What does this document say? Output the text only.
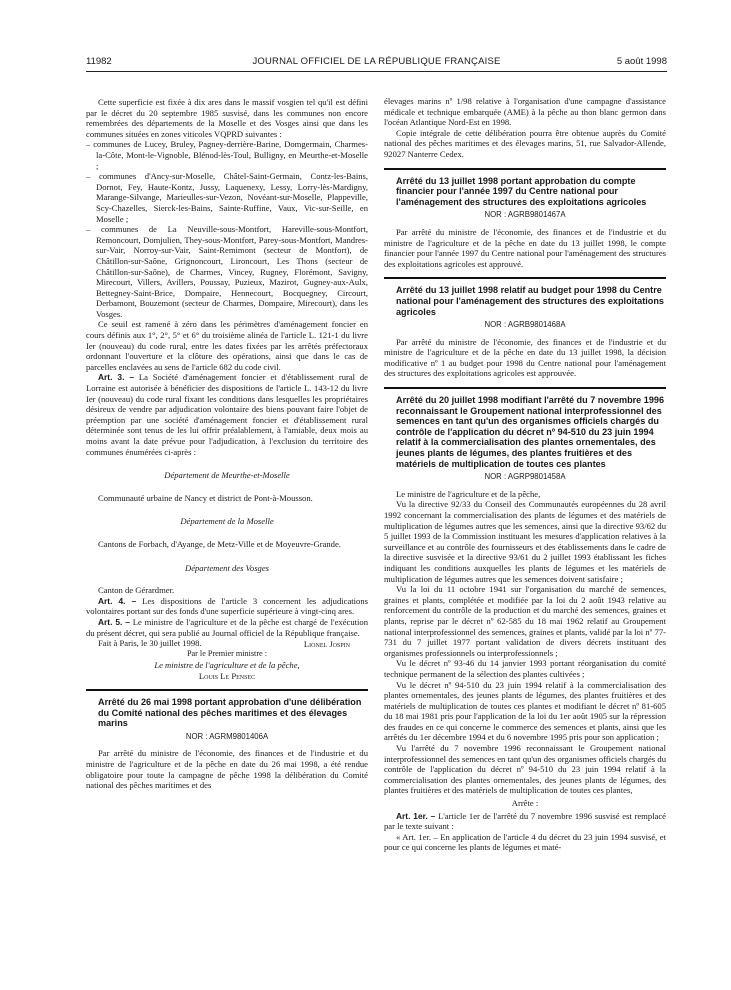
11982	JOURNAL OFFICIEL DE LA RÉPUBLIQUE FRANÇAISE	5 août 1998

Cette superficie est fixée à dix ares dans le massif vosgien tel qu'il est défini par le décret du 20 septembre 1985 susvisé, dans les communes non encore remembrées des départements de la Moselle et des Vosges ainsi que dans les communes situées en zones viticoles VQPRD suivantes :

– communes de Lucey, Bruley, Pagney-derrière-Barine, Domgermain, Charmes-la-Côte, Mont-le-Vignoble, Blénod-lès-Toul, Bulligny, en Meurthe-et-Moselle ;

– communes d'Ancy-sur-Moselle, Châtel-Saint-Germain, Contz-les-Bains, Dornot, Fey, Haute-Kontz, Jussy, Laquenexy, Lessy, Lorry-lès-Mardigny, Marange-Silvange, Marieulles-sur-Vezon, Novéant-sur-Moselle, Plappeville, Scy-Chazelles, Sierck-les-Bains, Sainte-Ruffine, Vaux, Vic-sur-Seille, en Moselle ;

– communes de La Neuville-sous-Montfort, Hareville-sous-Montfort, Remoncourt, Domjulien, They-sous-Montfort, Parey-sous-Montfort, Mandres-sur-Vair, Norroy-sur-Vair, Saint-Remimont (secteur de Montfort), de Châtillon-sur-Saône, Grignoncourt, Lironcourt, Les Thons (secteur de Châtillon-sur-Saône), de Charmes, Vincey, Rugney, Florémont, Savigny, Mirecourt, Villers, Avillers, Poussay, Puzieux, Mazirot, Gugney-aux-Aulx, Bettegney-Saint-Brice, Dompaire, Hennecourt, Bocquegney, Circourt, Derbamont, Bouzemont (secteur de Charmes, Dompaire, Mirecourt), dans les Vosges.

Ce seuil est ramené à zéro dans les périmètres d'aménagement foncier en cours définis aux 1°, 2°, 5° et 6° du troisième alinéa de l'article L. 121-1 du livre Ier (nouveau) du code rural, entre les dates fixées par les arrêtés préfectoraux ordonnant l'ouverture et la clôture des opérations, ainsi que dans le cas de parcelles enclavées au sens de l'article 682 du code civil.

Art. 3. – La Société d'aménagement foncier et d'établissement rural de Lorraine est autorisée à bénéficier des dispositions de l'article L. 143-12 du livre Ier (nouveau) du code rural fixant les conditions dans lesquelles les propriétaires désireux de vendre par adjudication volontaire des biens pouvant faire l'objet de préemption par une société d'aménagement foncier et d'établissement rural déterminée sont tenus de les lui offrir préalablement, à l'amiable, deux mois au moins avant la date prévue pour l'adjudication, à l'exclusion du territoire des communes énumérées ci-après :

Département de Meurthe-et-Moselle

Communauté urbaine de Nancy et district de Pont-à-Mousson.

Département de la Moselle

Cantons de Forbach, d'Ayange, de Metz-Ville et de Moyeuvre-Grande.

Département des Vosges

Canton de Gérardmer.

Art. 4. – Les dispositions de l'article 3 concernent les adjudications volontaires portant sur des fonds d'une superficie supérieure à vingt-cinq ares.

Art. 5. – Le ministre de l'agriculture et de la pêche est chargé de l'exécution du présent décret, qui sera publié au Journal officiel de la République française.

Fait à Paris, le 30 juillet 1998.	Lionel Jospin

Par le Premier ministre :

Le ministre de l'agriculture et de la pêche,

Louis Le Pensec

Arrêté du 26 mai 1998 portant approbation d'une délibération du Comité national des pêches maritimes et des élevages marins

NOR : AGRM9801406A

Par arrêté du ministre de l'économie, des finances et de l'industrie et du ministre de l'agriculture et de la pêche en date du 26 mai 1998, a été rendue obligatoire pour toute la campagne de pêche 1998 la délibération du Comité national des pêches maritimes et des

élevages marins nº 1/98 relative à l'organisation d'une campagne d'assistance médicale et technique embarquée (AME) à la pêche au thon blanc germon dans l'océan Atlantique Nord-Est en 1998.

Copie intégrale de cette délibération pourra être obtenue auprès du Comité national des pêches maritimes et des élevages marins, 51, rue Salvador-Allende, 92027 Nanterre Cedex.

Arrêté du 13 juillet 1998 portant approbation du compte financier pour l'année 1997 du Centre national pour l'aménagement des structures des exploitations agricoles

NOR : AGRB9801467A

Par arrêté du ministre de l'économie, des finances et de l'industrie et du ministre de l'agriculture et de la pêche en date du 13 juillet 1998, le compte financier pour l'année 1997 du Centre national pour l'aménagement des structures des exploitations agricoles est approuvé.

Arrêté du 13 juillet 1998 relatif au budget pour 1998 du Centre national pour l'aménagement des structures des exploitations agricoles

NOR : AGRB9801468A

Par arrêté du ministre de l'économie, des finances et de l'industrie et du ministre de l'agriculture et de la pêche en date du 13 juillet 1998, la décision modificative nº 1 au budget pour 1998 du Centre national pour l'aménagement des structures des exploitations agricoles est approuvée.

Arrêté du 20 juillet 1998 modifiant l'arrêté du 7 novembre 1996 reconnaissant le Groupement national interprofessionnel des semences en tant qu'un des organismes officiels chargés du contrôle de l'application du décret nº 94-510 du 23 juin 1994 relatif à la commercialisation des plantes ornementales, des jeunes plants de légumes, des plantes fruitières et des matériels de multiplication de toutes ces plantes

NOR : AGRP9801458A

Le ministre de l'agriculture et de la pêche,

Vu la directive 92/33 du Conseil des Communautés européennes du 28 avril 1992 concernant la commercialisation des plants de légumes et des matériels de multiplication de légumes autres que les semences, ainsi que la directive 93/62 du 5 juillet 1993 de la Commission instituant les mesures d'application relatives à la surveillance et au contrôle des fournisseurs et des établissements dans le cadre de la directive susvisée et la directive 93/61 du 2 juillet 1993 établissant les fiches indiquant les conditions auxquelles les plants de légumes et les matériels de multiplication de légumes autres que les semences doivent satisfaire ;

Vu la loi du 11 octobre 1941 sur l'organisation du marché de semences, graines et plants, complétée et modifiée par la loi du 2 août 1943 relative au renforcement du contrôle de la production et du marché des semences, graines et plants, reprise par le décret nº 62-585 du 18 mai 1962 relatif au Groupement national interprofessionnel des semences, graines et plants, validé par la loi nº 77-731 du 7 juillet 1977 portant validation de divers décrets instituant des organismes professionnels ou interprofessionnels ;

Vu le décret nº 93-46 du 14 janvier 1993 portant réorganisation du comité technique permanent de la sélection des plantes cultivées ;

Vu le décret nº 94-510 du 23 juin 1994 relatif à la commercialisation des plantes ornementales, des jeunes plants de légumes, des plantes fruitières et des matériels de multiplication de toutes ces plantes et modifiant le décret nº 81-605 du 18 mai 1981 pris pour l'application de la loi du 1er août 1905 sur la répression des fraudes en ce qui concerne le commerce des semences et plants, ainsi que les arrêtés du 1er décembre 1994 et du 6 novembre 1995 pris pour son application ;

Vu l'arrêté du 7 novembre 1996 reconnaissant le Groupement national interprofessionnel des semences en tant qu'un des organismes officiels chargés du contrôle de l'application du décret nº 94-510 du 23 juin 1994 relatif à la commercialisation des plantes ornementales, des jeunes plants de légumes, des plantes fruitières et des matériels de multiplication de toutes ces plantes,

Arrête :

Art. 1er. – L'article 1er de l'arrêté du 7 novembre 1996 susvisé est remplacé par le texte suivant :

« Art. 1er. – En application de l'article 4 du décret du 23 juin 1994 susvisé, et pour ce qui concerne les plants de légumes et maté-
